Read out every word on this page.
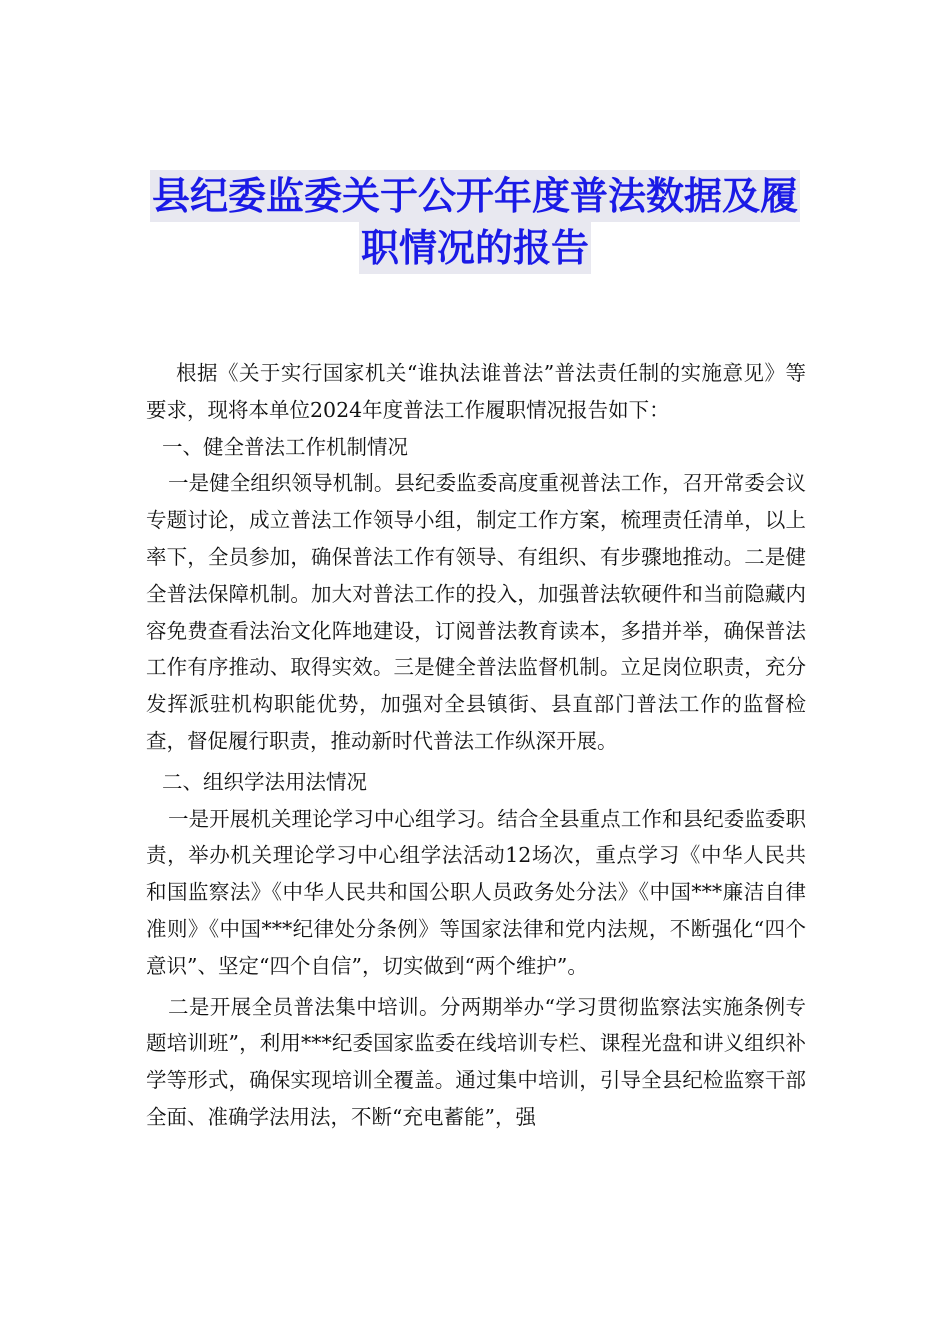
县纪委监委关于公开年度普法数据及履
职情况的报告

根据《关于实行国家机关“谁执法谁普法”普法责任制的实施意见》等要求，现将本单位2024年度普法工作履职情况报告如下：

一、健全普法工作机制情况

一是健全组织领导机制。县纪委监委高度重视普法工作，召开常委会议专题讨论，成立普法工作领导小组，制定工作方案，梳理责任清单，以上率下，全员参加，确保普法工作有领导、有组织、有步骤地推动。二是健全普法保障机制。加大对普法工作的投入，加强普法软硬件和当前隐藏内容免费查看法治文化阵地建设，订阅普法教育读本，多措并举，确保普法工作有序推动、取得实效。三是健全普法监督机制。立足岗位职责，充分发挥派驻机构职能优势，加强对全县镇街、县直部门普法工作的监督检查，督促履行职责，推动新时代普法工作纵深开展。

二、组织学法用法情况

一是开展机关理论学习中心组学习。结合全县重点工作和县纪委监委职责，举办机关理论学习中心组学法活动12场次，重点学习《中华人民共和国监察法》《中华人民共和国公职人员政务处分法》《中国***廉洁自律准则》《中国***纪律处分条例》等国家法律和党内法规，不断强化“四个意识”、坚定“四个自信”，切实做到“两个维护”。

二是开展全员普法集中培训。分两期举办“学习贯彻监察法实施条例专题培训班”，利用***纪委国家监委在线培训专栏、课程光盘和讲义组织补学等形式，确保实现培训全覆盖。通过集中培训，引导全县纪检监察干部全面、准确学法用法，不断“充电蓄能”，强
